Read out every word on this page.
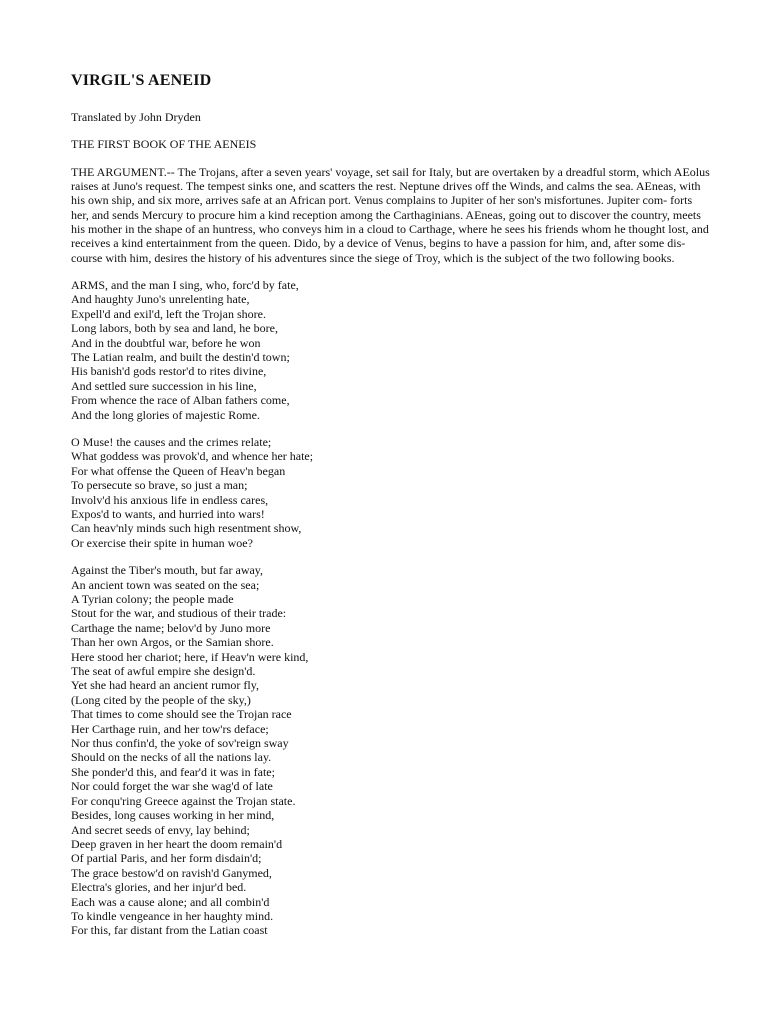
VIRGIL'S AENEID

Translated by John Dryden

THE FIRST BOOK OF THE AENEIS

THE ARGUMENT.-- The Trojans, after a seven years' voyage, set sail for Italy, but are overtaken by a dreadful storm, which AEolus raises at Juno's request. The tempest sinks one, and scatters the rest. Neptune drives off the Winds, and calms the sea. AEneas, with his own ship, and six more, arrives safe at an African port. Venus complains to Jupiter of her son's misfortunes. Jupiter com- forts her, and sends Mercury to procure him a kind reception among the Carthaginians. AEneas, going out to discover the country, meets his mother in the shape of an huntress, who conveys him in a cloud to Carthage, where he sees his friends whom he thought lost, and receives a kind entertainment from the queen. Dido, by a device of Venus, begins to have a passion for him, and, after some dis- course with him, desires the history of his adventures since the siege of Troy, which is the subject of the two following books.

ARMS, and the man I sing, who, forc'd by fate,
And haughty Juno's unrelenting hate,
Expell'd and exil'd, left the Trojan shore.
Long labors, both by sea and land, he bore,
And in the doubtful war, before he won
The Latian realm, and built the destin'd town;
His banish'd gods restor'd to rites divine,
And settled sure succession in his line,
From whence the race of Alban fathers come,
And the long glories of majestic Rome.
O Muse! the causes and the crimes relate;
What goddess was provok'd, and whence her hate;
For what offense the Queen of Heav'n began
To persecute so brave, so just a man;
Involv'd his anxious life in endless cares,
Expos'd to wants, and hurried into wars!
Can heav'nly minds such high resentment show,
Or exercise their spite in human woe?
Against the Tiber's mouth, but far away,
An ancient town was seated on the sea;
A Tyrian colony; the people made
Stout for the war, and studious of their trade:
Carthage the name; belov'd by Juno more
Than her own Argos, or the Samian shore.
Here stood her chariot; here, if Heav'n were kind,
The seat of awful empire she design'd.
Yet she had heard an ancient rumor fly,
(Long cited by the people of the sky,)
That times to come should see the Trojan race
Her Carthage ruin, and her tow'rs deface;
Nor thus confin'd, the yoke of sov'reign sway
Should on the necks of all the nations lay.
She ponder'd this, and fear'd it was in fate;
Nor could forget the war she wag'd of late
For conqu'ring Greece against the Trojan state.
Besides, long causes working in her mind,
And secret seeds of envy, lay behind;
Deep graven in her heart the doom remain'd
Of partial Paris, and her form disdain'd;
The grace bestow'd on ravish'd Ganymed,
Electra's glories, and her injur'd bed.
Each was a cause alone; and all combin'd
To kindle vengeance in her haughty mind.
For this, far distant from the Latian coast
